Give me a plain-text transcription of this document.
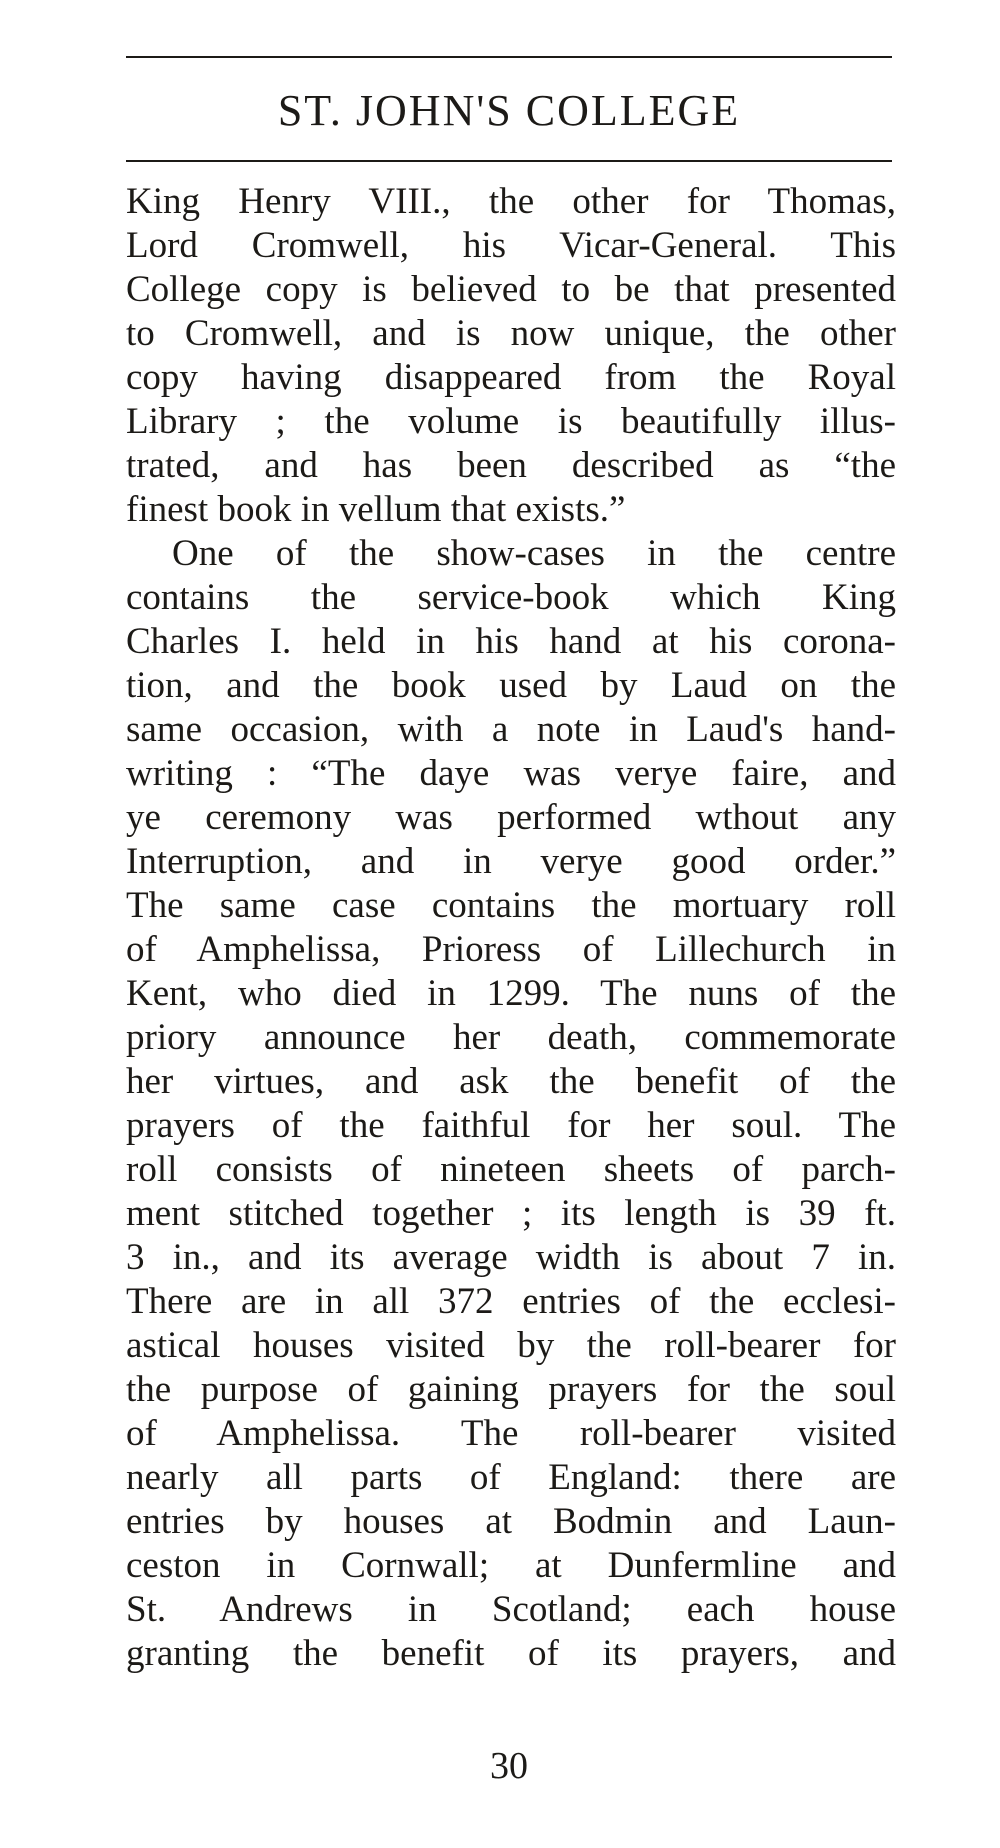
ST. JOHN'S COLLEGE
King Henry VIII., the other for Thomas,
Lord Cromwell, his Vicar-General. This
College copy is believed to be that presented
to Cromwell, and is now unique, the other
copy having disappeared from the Royal
Library ; the volume is beautifully illus-
trated, and has been described as “the
finest book in vellum that exists.”
One of the show-cases in the centre
contains the service-book which King
Charles I. held in his hand at his corona-
tion, and the book used by Laud on the
same occasion, with a note in Laud's hand-
writing : “The daye was verye faire, and
ye ceremony was performed wthout any
Interruption, and in verye good order.”
The same case contains the mortuary roll
of Amphelissa, Prioress of Lillechurch in
Kent, who died in 1299. The nuns of the
priory announce her death, commemorate
her virtues, and ask the benefit of the
prayers of the faithful for her soul. The
roll consists of nineteen sheets of parch-
ment stitched together ; its length is 39 ft.
3 in., and its average width is about 7 in.
There are in all 372 entries of the ecclesi-
astical houses visited by the roll-bearer for
the purpose of gaining prayers for the soul
of Amphelissa. The roll-bearer visited
nearly all parts of England: there are
entries by houses at Bodmin and Laun-
ceston in Cornwall; at Dunfermline and
St. Andrews in Scotland; each house
granting the benefit of its prayers, and
30
